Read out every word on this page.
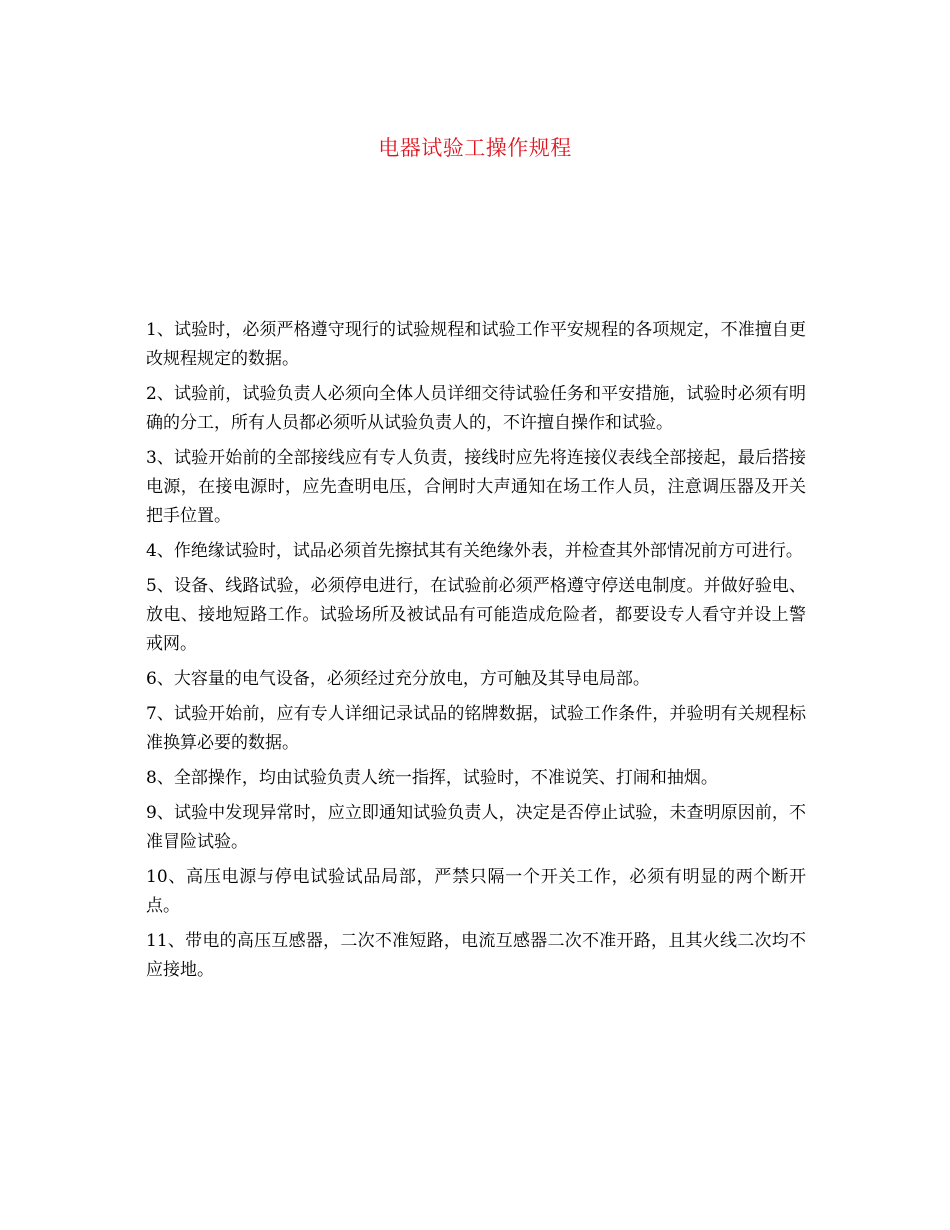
电器试验工操作规程

1、试验时，必须严格遵守现行的试验规程和试验工作平安规程的各项规定，不准擅自更改规程规定的数据。

2、试验前，试验负责人必须向全体人员详细交待试验任务和平安措施，试验时必须有明确的分工，所有人员都必须听从试验负责人的，不许擅自操作和试验。

3、试验开始前的全部接线应有专人负责，接线时应先将连接仪表线全部接起，最后搭接电源，在接电源时，应先查明电压，合闸时大声通知在场工作人员，注意调压器及开关把手位置。

4、作绝缘试验时，试品必须首先擦拭其有关绝缘外表，并检查其外部情况前方可进行。

5、设备、线路试验，必须停电进行，在试验前必须严格遵守停送电制度。并做好验电、放电、接地短路工作。试验场所及被试品有可能造成危险者，都要设专人看守并设上警戒网。

6、大容量的电气设备，必须经过充分放电，方可触及其导电局部。

7、试验开始前，应有专人详细记录试品的铭牌数据，试验工作条件，并验明有关规程标准换算必要的数据。

8、全部操作，均由试验负责人统一指挥，试验时，不准说笑、打闹和抽烟。

9、试验中发现异常时，应立即通知试验负责人，决定是否停止试验，未查明原因前，不准冒险试验。

10、高压电源与停电试验试品局部，严禁只隔一个开关工作，必须有明显的两个断开点。

11、带电的高压互感器，二次不准短路，电流互感器二次不准开路，且其火线二次均不应接地。
